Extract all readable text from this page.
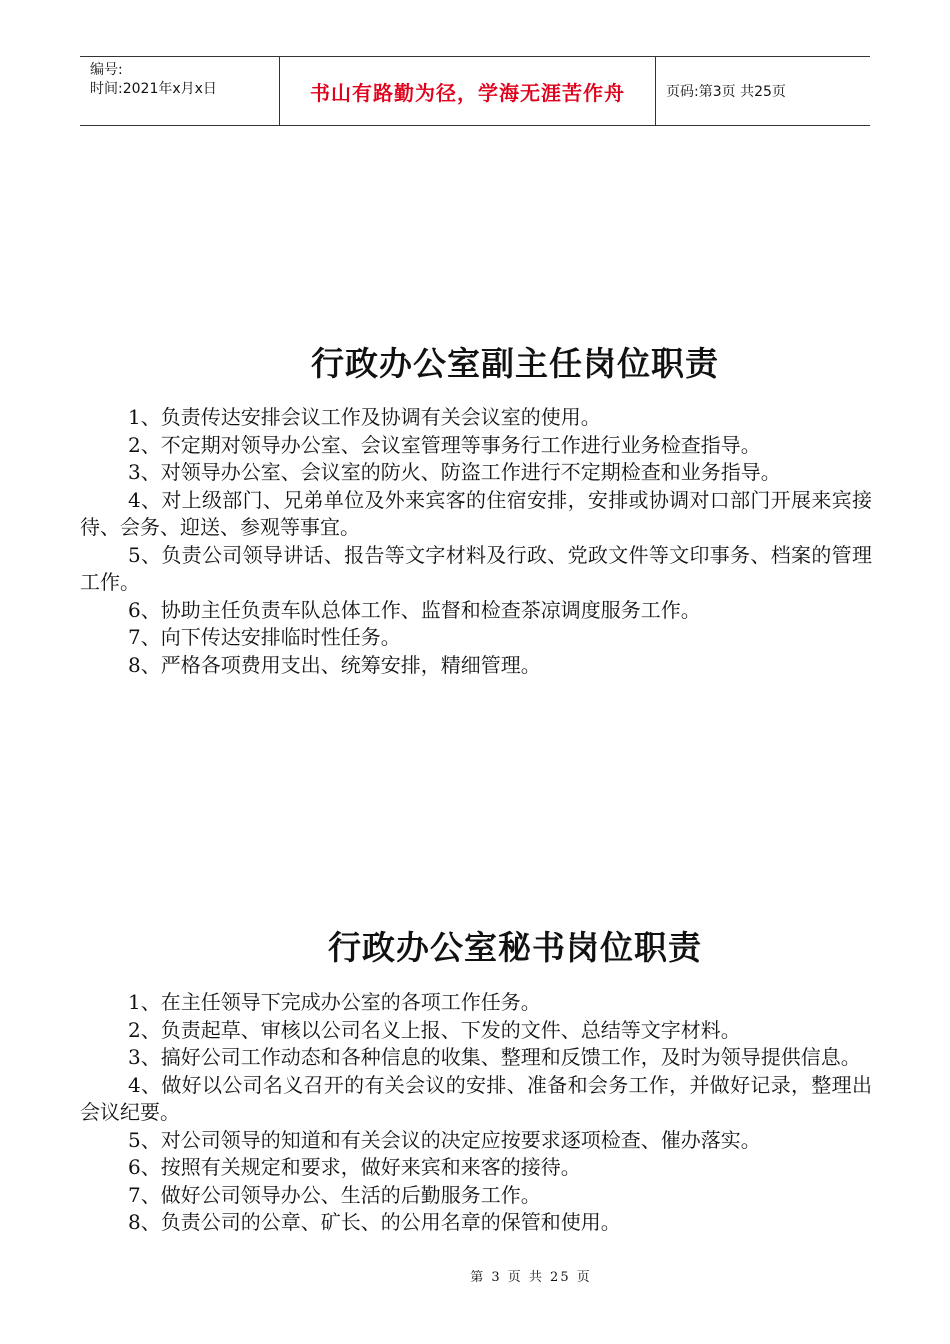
编号:
时间:2021年x月x日	书山有路勤为径，学海无涯苦作舟	页码:第3页 共25页
行政办公室副主任岗位职责

1、负责传达安排会议工作及协调有关会议室的使用。

2、不定期对领导办公室、会议室管理等事务行工作进行业务检查指导。

3、对领导办公室、会议室的防火、防盗工作进行不定期检查和业务指导。

4、对上级部门、兄弟单位及外来宾客的住宿安排，安排或协调对口部门开展来宾接待、会务、迎送、参观等事宜。

5、负责公司领导讲话、报告等文字材料及行政、党政文件等文印事务、档案的管理工作。

6、协助主任负责车队总体工作、监督和检查茶凉调度服务工作。

7、向下传达安排临时性任务。

8、严格各项费用支出、统筹安排，精细管理。

行政办公室秘书岗位职责

1、在主任领导下完成办公室的各项工作任务。

2、负责起草、审核以公司名义上报、下发的文件、总结等文字材料。

3、搞好公司工作动态和各种信息的收集、整理和反馈工作，及时为领导提供信息。

4、做好以公司名义召开的有关会议的安排、准备和会务工作，并做好记录，整理出会议纪要。

5、对公司领导的知道和有关会议的决定应按要求逐项检查、催办落实。

6、按照有关规定和要求，做好来宾和来客的接待。

7、做好公司领导办公、生活的后勤服务工作。

8、负责公司的公章、矿长、的公用名章的保管和使用。

第 3 页 共 25 页
